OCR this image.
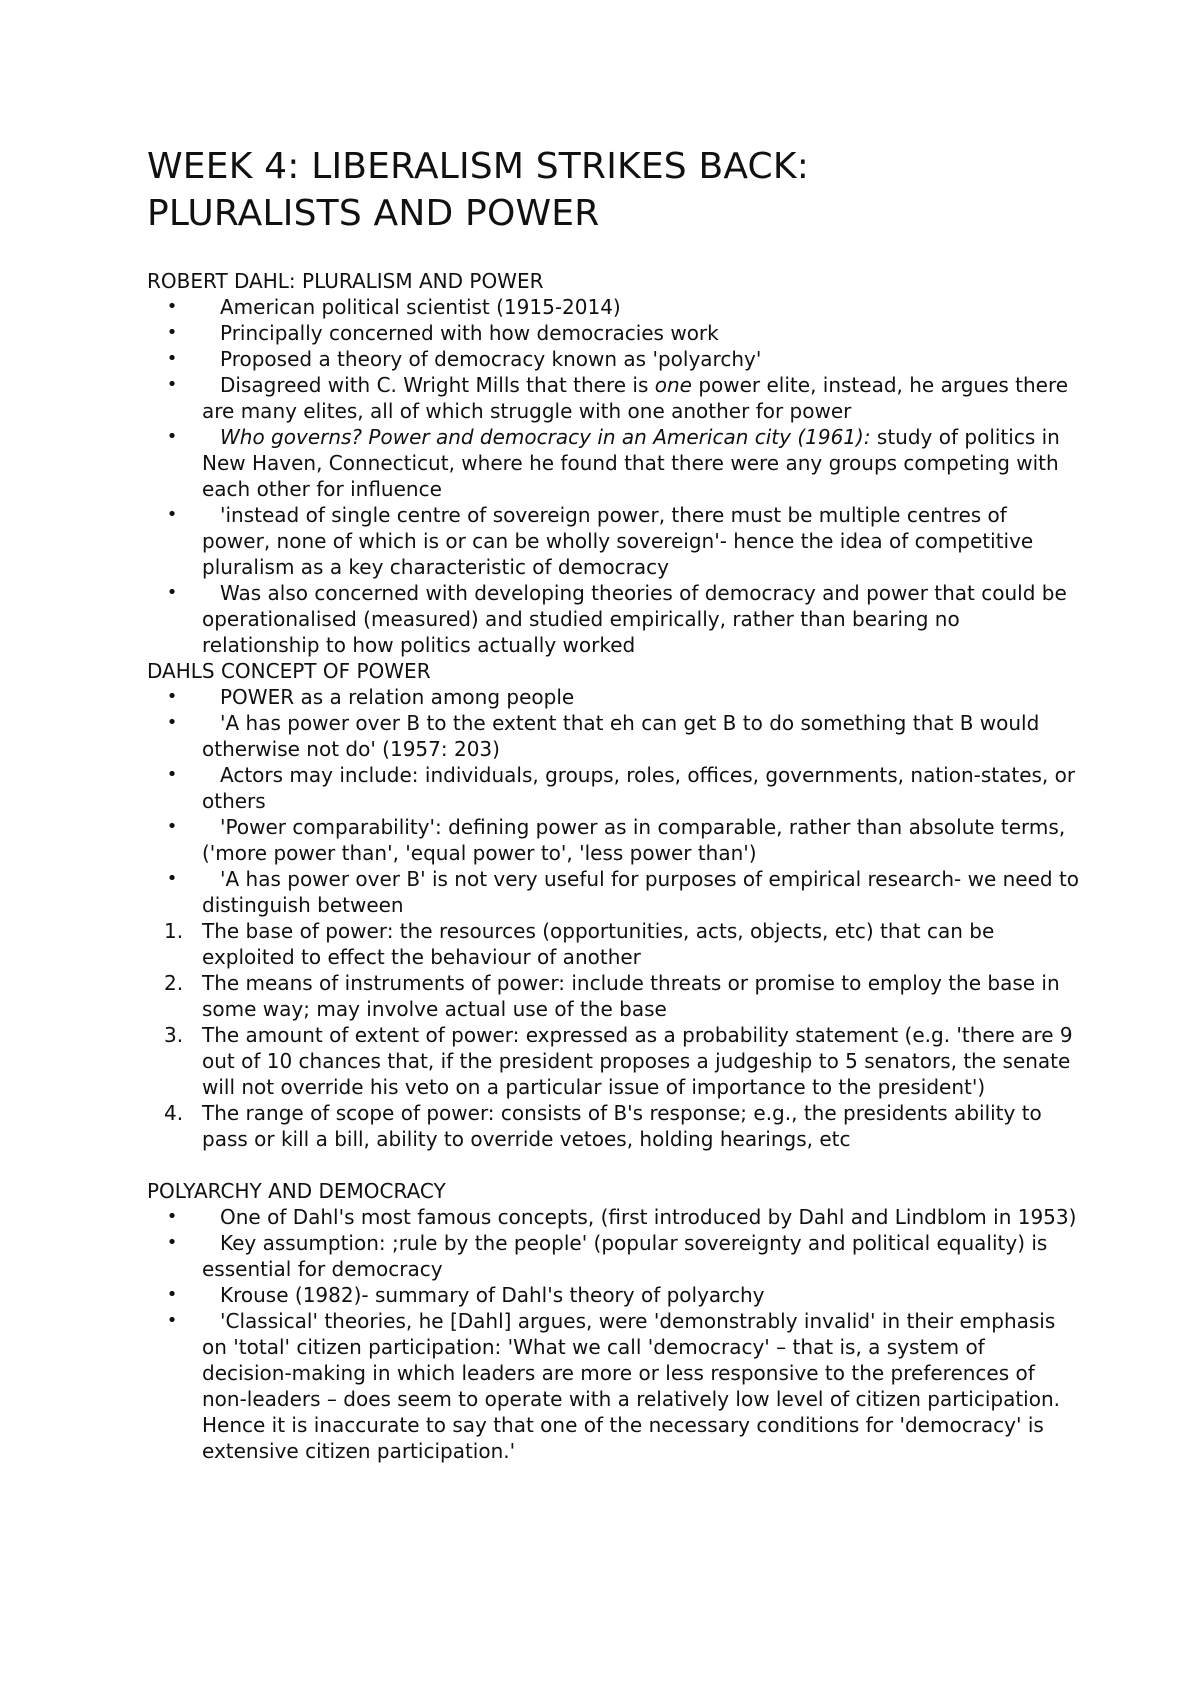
WEEK 4: LIBERALISM STRIKES BACK:
PLURALISTS AND POWER
ROBERT DAHL: PLURALISM AND POWER
•	American political scientist (1915-2014)
•	Principally concerned with how democracies work
•	Proposed a theory of democracy known as 'polyarchy'
•	Disagreed with C. Wright Mills that there is one power elite, instead, he argues there are many elites, all of which struggle with one another for power
•	Who governs? Power and democracy in an American city (1961): study of politics in New Haven, Connecticut, where he found that there were any groups competing with each other for influence
•	'instead of single centre of sovereign power, there must be multiple centres of power, none of which is or can be wholly sovereign'- hence the idea of competitive pluralism as a key characteristic of democracy
•	Was also concerned with developing theories of democracy and power that could be operationalised (measured) and studied empirically, rather than bearing no relationship to how politics actually worked
DAHLS CONCEPT OF POWER
•	POWER as a relation among people
•	'A has power over B to the extent that eh can get B to do something that B would otherwise not do' (1957: 203)
•	Actors may include: individuals, groups, roles, offices, governments, nation-states, or others
•	'Power comparability': defining power as in comparable, rather than absolute terms, ('more power than', 'equal power to', 'less power than')
•	'A has power over B' is not very useful for purposes of empirical research- we need to distinguish between
1. The base of power: the resources (opportunities, acts, objects, etc) that can be exploited to effect the behaviour of another
2. The means of instruments of power: include threats or promise to employ the base in some way; may involve actual use of the base
3. The amount of extent of power: expressed as a probability statement (e.g. 'there are 9 out of 10 chances that, if the president proposes a judgeship to 5 senators, the senate will not override his veto on a particular issue of importance to the president')
4. The range of scope of power: consists of B's response; e.g., the presidents ability to pass or kill a bill, ability to override vetoes, holding hearings, etc
POLYARCHY AND DEMOCRACY
•	One of Dahl's most famous concepts, (first introduced by Dahl and Lindblom in 1953)
•	Key assumption: ;rule by the people' (popular sovereignty and political equality) is essential for democracy
•	Krouse (1982)- summary of Dahl's theory of polyarchy
•	'Classical' theories, he [Dahl] argues, were 'demonstrably invalid' in their emphasis on 'total' citizen participation: 'What we call 'democracy' – that is, a system of decision-making in which leaders are more or less responsive to the preferences of non-leaders – does seem to operate with a relatively low level of citizen participation. Hence it is inaccurate to say that one of the necessary conditions for 'democracy' is extensive citizen participation.'
